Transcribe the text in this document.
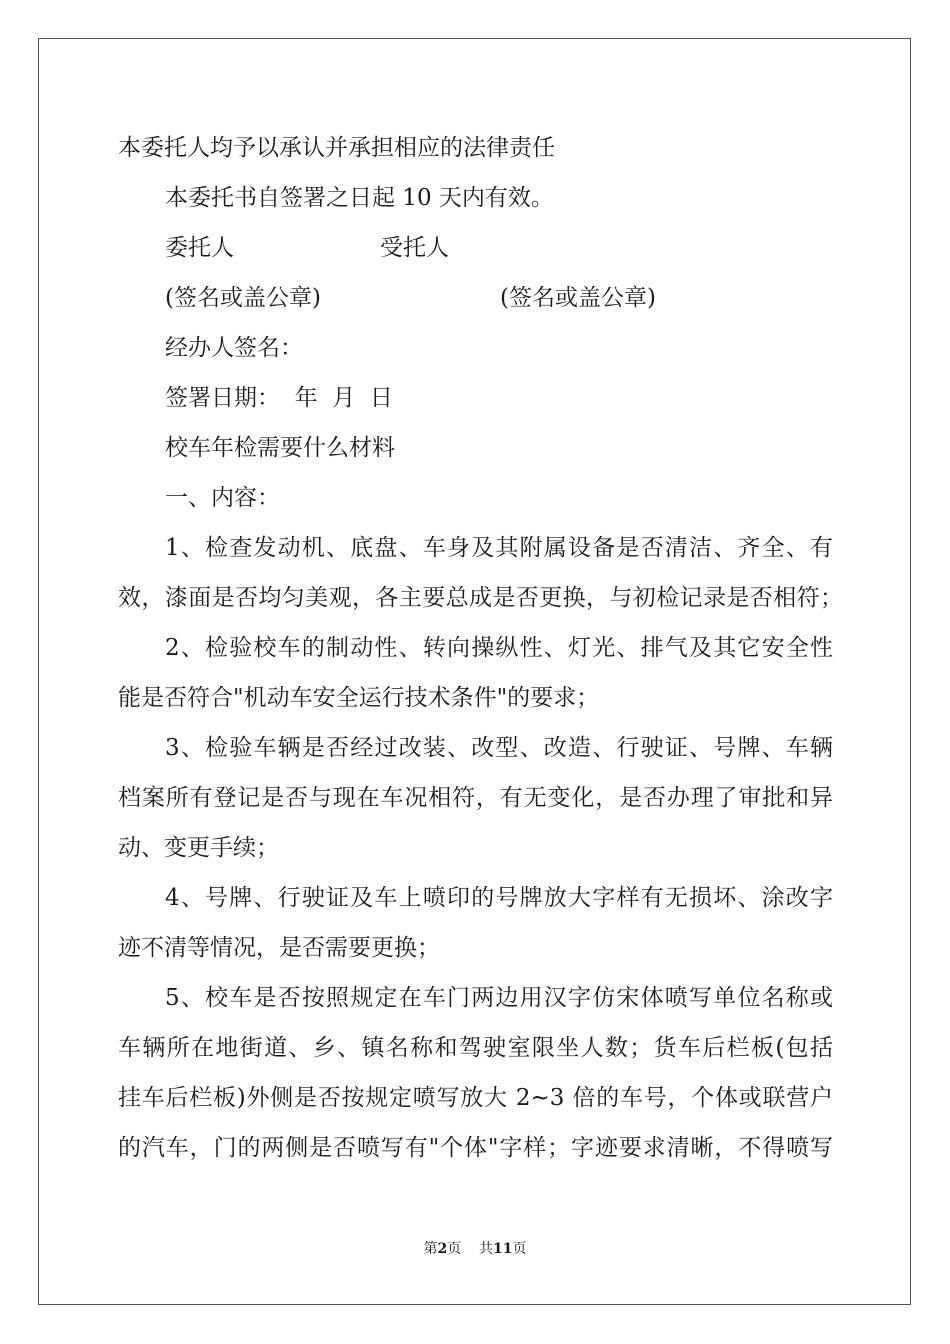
本委托人均予以承认并承担相应的法律责任
本委托书自签署之日起 10 天内有效。
委托人	受托人
(签名或盖公章)	(签名或盖公章)
经办人签名：
签署日期：  年  月  日
校车年检需要什么材料
一、内容：
1、检查发动机、底盘、车身及其附属设备是否清洁、齐全、有
效，漆面是否均匀美观，各主要总成是否更换，与初检记录是否相符；
2、检验校车的制动性、转向操纵性、灯光、排气及其它安全性
能是否符合"机动车安全运行技术条件"的要求；
3、检验车辆是否经过改装、改型、改造、行驶证、号牌、车辆
档案所有登记是否与现在车况相符，有无变化，是否办理了审批和异
动、变更手续；
4、号牌、行驶证及车上喷印的号牌放大字样有无损坏、涂改字
迹不清等情况，是否需要更换；
5、校车是否按照规定在车门两边用汉字仿宋体喷写单位名称或
车辆所在地街道、乡、镇名称和驾驶室限坐人数；货车后栏板(包括
挂车后栏板)外侧是否按规定喷写放大 2~3 倍的车号，个体或联营户
的汽车，门的两侧是否喷写有"个体"字样；字迹要求清晰，不得喷写
第2页    共11页
